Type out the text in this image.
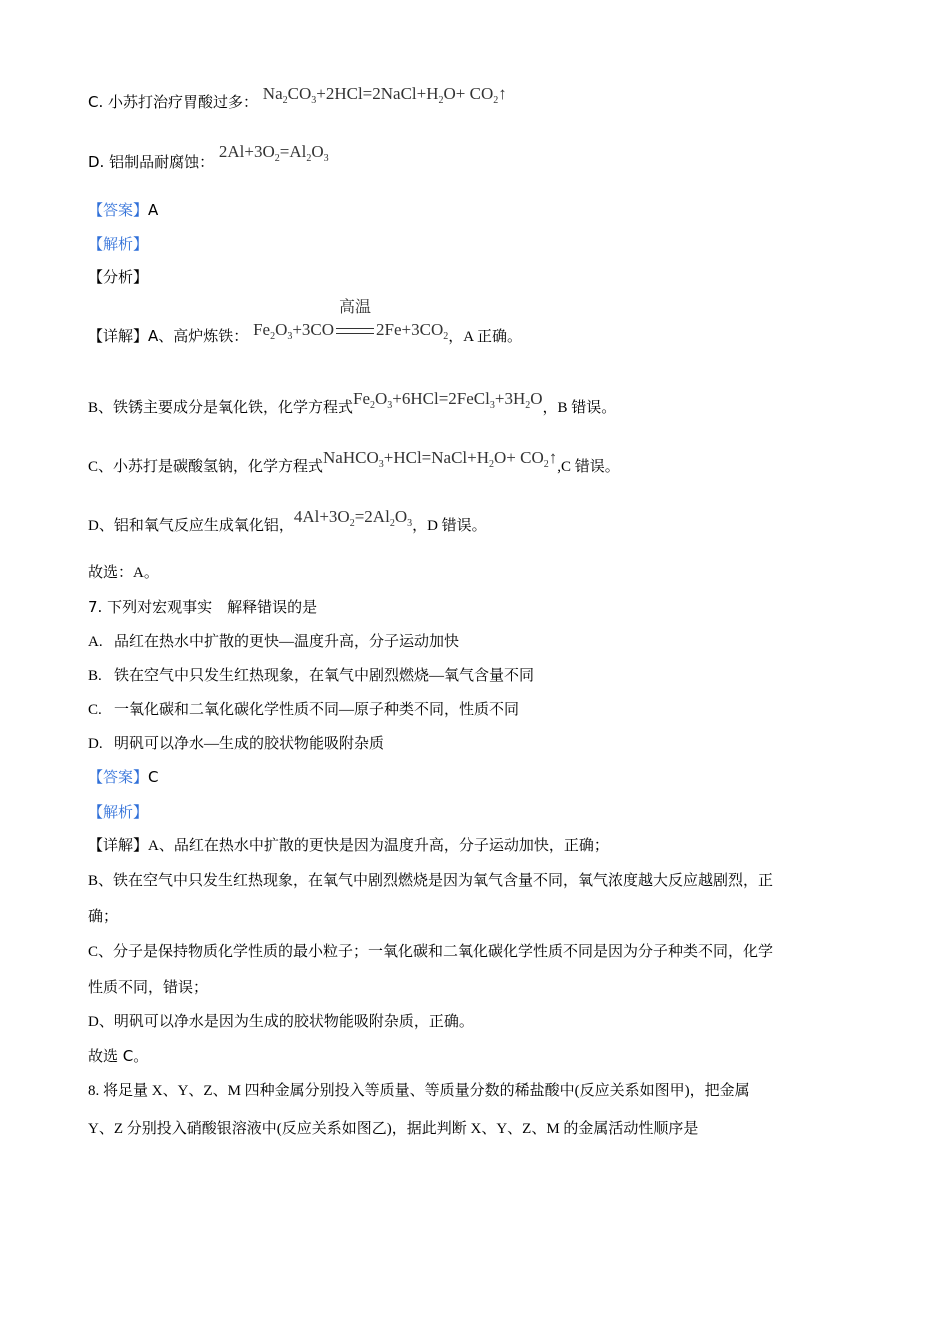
C. 小苏打治疗胃酸过多： $Na_2CO_3+2HCl=2NaCl+H_2O+$ $CO_2↑$
D. 铝制品耐腐蚀： $2Al+3O_2=Al_2O_3$
【答案】A
【解析】
【分析】
【详解】A、高炉炼铁： $Fe_2O_3+3CO$
高温
$2Fe+3CO_2$，A 正确。
B、铁锈主要成分是氧化铁，化学方程式$Fe_2O_3+6HCl=2FeCl_3+3H_2O$，B 错误。
C、小苏打是碳酸氢钠，化学方程式$NaHCO_3+HCl=NaCl+H_2O+$ $CO_2↑,C$ 错误。
D、铝和氧气反应生成氧化铝，$4Al+3O_2=2Al_2O_3$，D 错误。
故选：A。
7. 下列对宏观事实　解释错误的是
A. 品红在热水中扩散的更快—温度升高，分子运动加快
B. 铁在空气中只发生红热现象，在氧气中剧烈燃烧—氧气含量不同
C. 一氧化碳和二氧化碳化学性质不同—原子种类不同，性质不同
D. 明矾可以净水—生成的胶状物能吸附杂质
【答案】C
【解析】
【详解】A、品红在热水中扩散的更快是因为温度升高，分子运动加快，正确；
B、铁在空气中只发生红热现象，在氧气中剧烈燃烧是因为氧气含量不同，氧气浓度越大反应越剧烈，正
确；
C、分子是保持物质化学性质的最小粒子；一氧化碳和二氧化碳化学性质不同是因为分子种类不同，化学
性质不同，错误；
D、明矾可以净水是因为生成的胶状物能吸附杂质，正确。
故选 C。
8. 将足量 X、Y、Z、M 四种金属分别投入等质量、等质量分数的稀盐酸中(反应关系如图甲)，把金属
Y、Z 分别投入硝酸银溶液中(反应关系如图乙)，据此判断 X、Y、Z、M 的金属活动性顺序是
